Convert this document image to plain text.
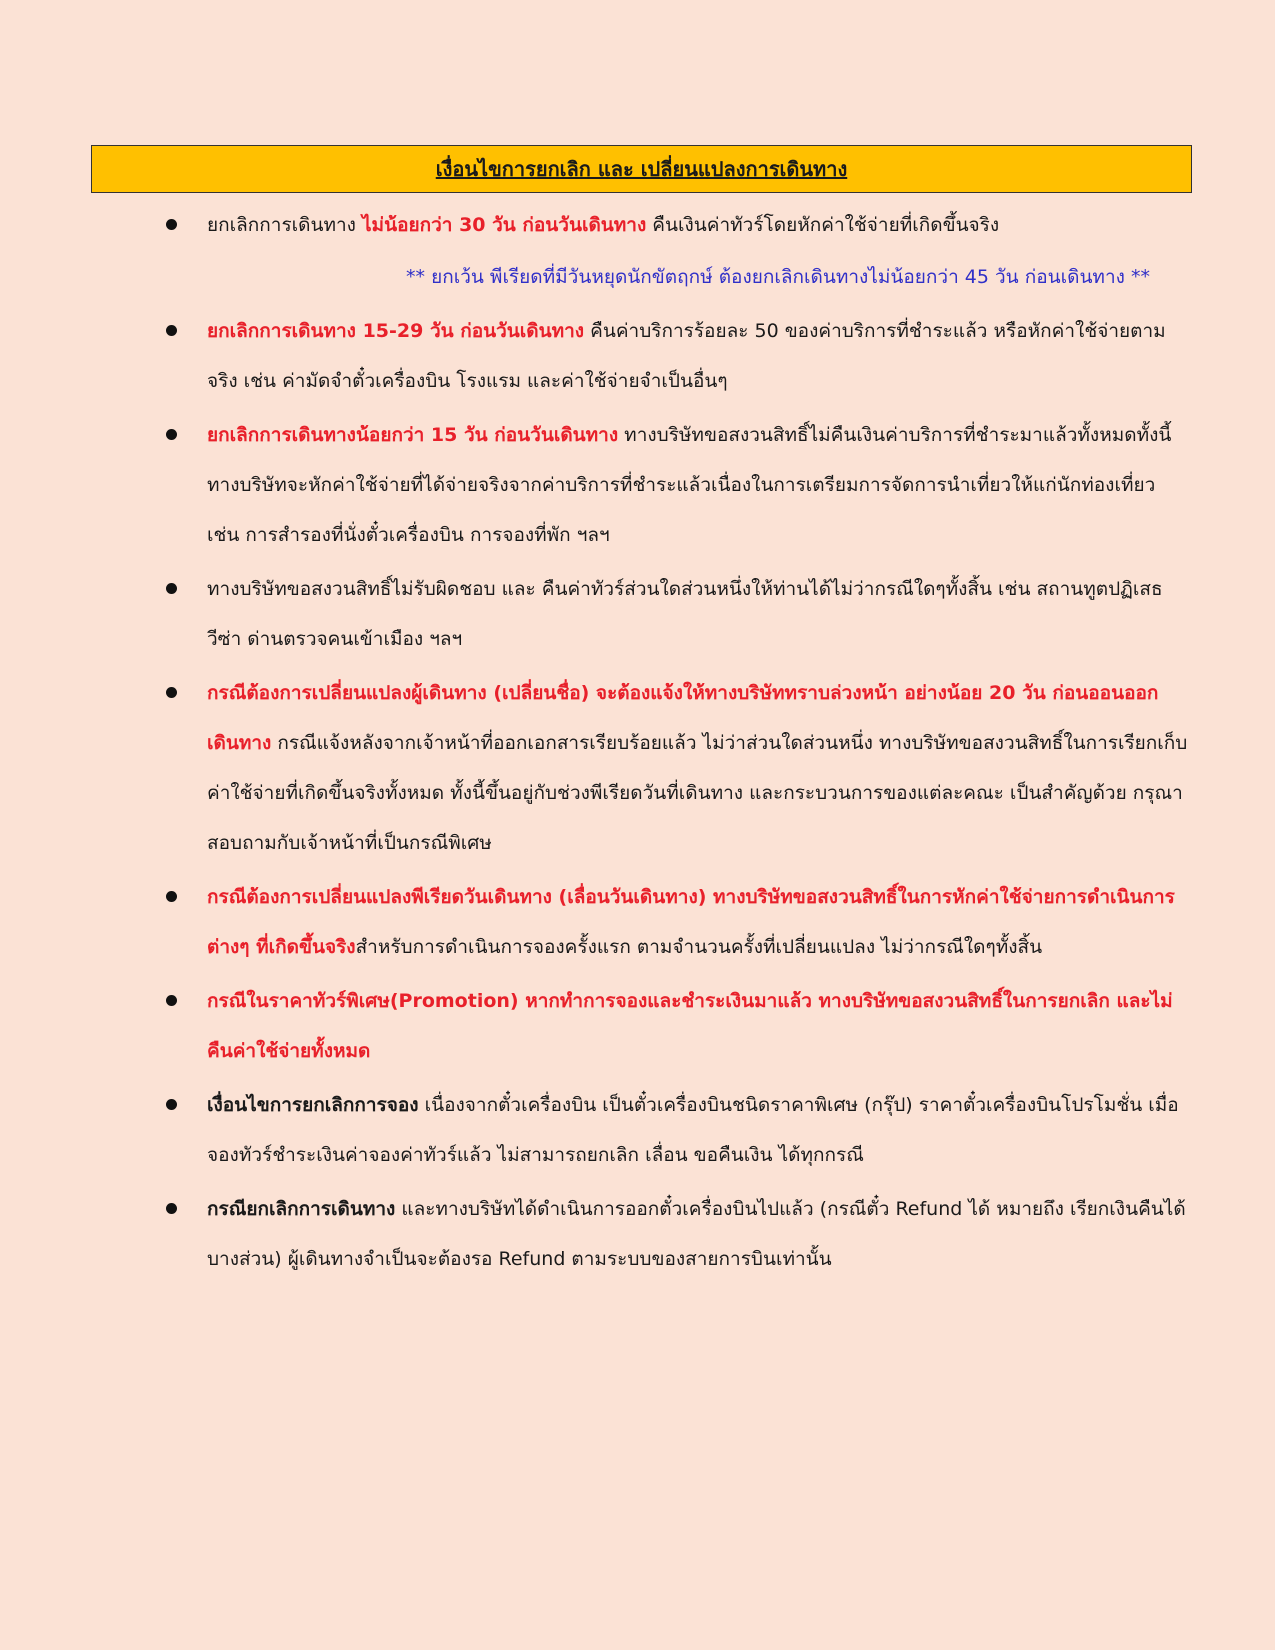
เงื่อนไขการยกเลิก และ เปลี่ยนแปลงการเดินทาง
ยกเลิกการเดินทาง ไม่น้อยกว่า 30 วัน ก่อนวันเดินทาง คืนเงินค่าทัวร์โดยหักค่าใช้จ่ายที่เกิดขึ้นจริง
** ยกเว้น พีเรียดที่มีวันหยุดนักขัตฤกษ์ ต้องยกเลิกเดินทางไม่น้อยกว่า 45 วัน ก่อนเดินทาง **
ยกเลิกการเดินทาง 15-29 วัน ก่อนวันเดินทาง คืนค่าบริการร้อยละ 50 ของค่าบริการที่ชำระแล้ว หรือหักค่าใช้จ่ายตามจริง เช่น ค่ามัดจำตั๋วเครื่องบิน โรงแรม และค่าใช้จ่ายจำเป็นอื่นๆ
ยกเลิกการเดินทางน้อยกว่า 15 วัน ก่อนวันเดินทาง ทางบริษัทขอสงวนสิทธิ์ไม่คืนเงินค่าบริการที่ชำระมาแล้วทั้งหมดทั้งนี้ ทางบริษัทจะหักค่าใช้จ่ายที่ได้จ่ายจริงจากค่าบริการที่ชำระแล้วเนื่องในการเตรียมการจัดการนำเที่ยวให้แก่นักท่องเที่ยว เช่น การสำรองที่นั่งตั๋วเครื่องบิน การจองที่พัก ฯลฯ
ทางบริษัทขอสงวนสิทธิ์ไม่รับผิดชอบ และ คืนค่าทัวร์ส่วนใดส่วนหนึ่งให้ท่านได้ไม่ว่ากรณีใดๆทั้งสิ้น เช่น สถานทูตปฏิเสธวีซ่า ด่านตรวจคนเข้าเมือง ฯลฯ
กรณีต้องการเปลี่ยนแปลงผู้เดินทาง (เปลี่ยนชื่อ) จะต้องแจ้งให้ทางบริษัททราบล่วงหน้า อย่างน้อย 20 วัน ก่อนออนออกเดินทาง กรณีแจ้งหลังจากเจ้าหน้าที่ออกเอกสารเรียบร้อยแล้ว ไม่ว่าส่วนใดส่วนหนึ่ง ทางบริษัทขอสงวนสิทธิ์ในการเรียกเก็บค่าใช้จ่ายที่เกิดขึ้นจริงทั้งหมด ทั้งนี้ขึ้นอยู่กับช่วงพีเรียดวันที่เดินทาง และกระบวนการของแต่ละคณะ เป็นสำคัญด้วย กรุณาสอบถามกับเจ้าหน้าที่เป็นกรณีพิเศษ
กรณีต้องการเปลี่ยนแปลงพีเรียดวันเดินทาง (เลื่อนวันเดินทาง) ทางบริษัทขอสงวนสิทธิ์ในการหักค่าใช้จ่ายการดำเนินการต่างๆ ที่เกิดขึ้นจริงสำหรับการดำเนินการจองครั้งแรก ตามจำนวนครั้งที่เปลี่ยนแปลง ไม่ว่ากรณีใดๆทั้งสิ้น
กรณีในราคาทัวร์พิเศษ(Promotion) หากทำการจองและชำระเงินมาแล้ว ทางบริษัทขอสงวนสิทธิ์ในการยกเลิก และไม่คืนค่าใช้จ่ายทั้งหมด
เงื่อนไขการยกเลิกการจอง เนื่องจากตั๋วเครื่องบิน เป็นตั๋วเครื่องบินชนิดราคาพิเศษ (กรุ๊ป) ราคาตั๋วเครื่องบินโปรโมชั่น เมื่อจองทัวร์ชำระเงินค่าจองค่าทัวร์แล้ว ไม่สามารถยกเลิก เลื่อน ขอคืนเงิน ได้ทุกกรณี
กรณียกเลิกการเดินทาง และทางบริษัทได้ดำเนินการออกตั๋วเครื่องบินไปแล้ว (กรณีตั๋ว Refund ได้ หมายถึง เรียกเงินคืนได้บางส่วน) ผู้เดินทางจำเป็นจะต้องรอ Refund ตามระบบของสายการบินเท่านั้น
